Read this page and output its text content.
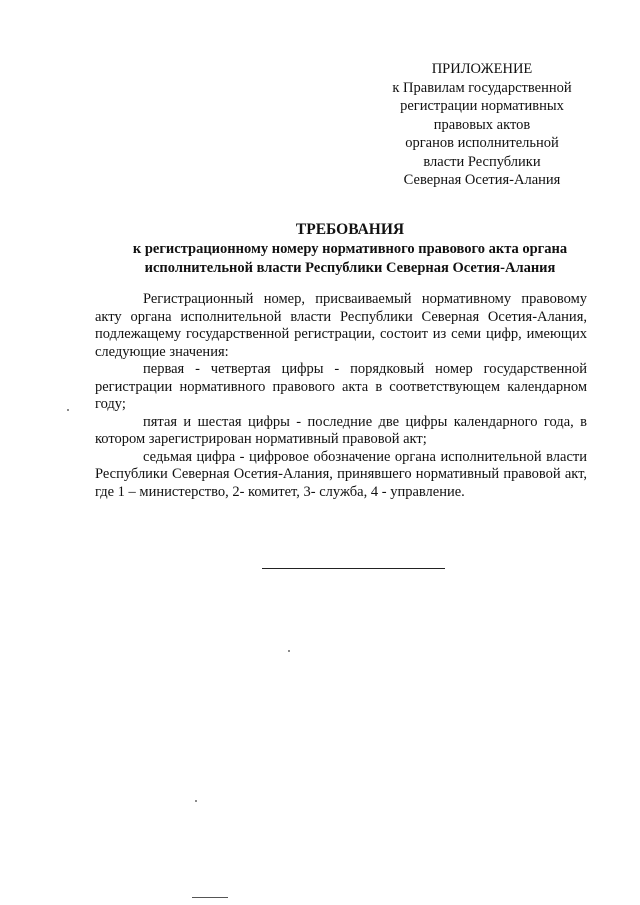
ПРИЛОЖЕНИЕ
к Правилам государственной
регистрации нормативных
правовых актов
органов исполнительной
власти Республики
Северная Осетия-Алания
ТРЕБОВАНИЯ
к регистрационному номеру нормативного правового акта органа
исполнительной власти Республики Северная Осетия-Алания

Регистрационный номер, присваиваемый нормативному правовому акту органа исполнительной власти Республики Северная Осетия-Алания, подлежащему государственной регистрации, состоит из семи цифр, имеющих следующие значения:

первая - четвертая цифры - порядковый номер государственной регистрации нормативного правового акта в соответствующем календарном году;

пятая и шестая цифры - последние две цифры календарного года, в котором зарегистрирован нормативный правовой акт;

седьмая цифра - цифровое обозначение органа исполнительной власти Республики Северная Осетия-Алания, принявшего нормативный правовой акт, где 1 – министерство, 2- комитет, 3- служба, 4 - управление.
